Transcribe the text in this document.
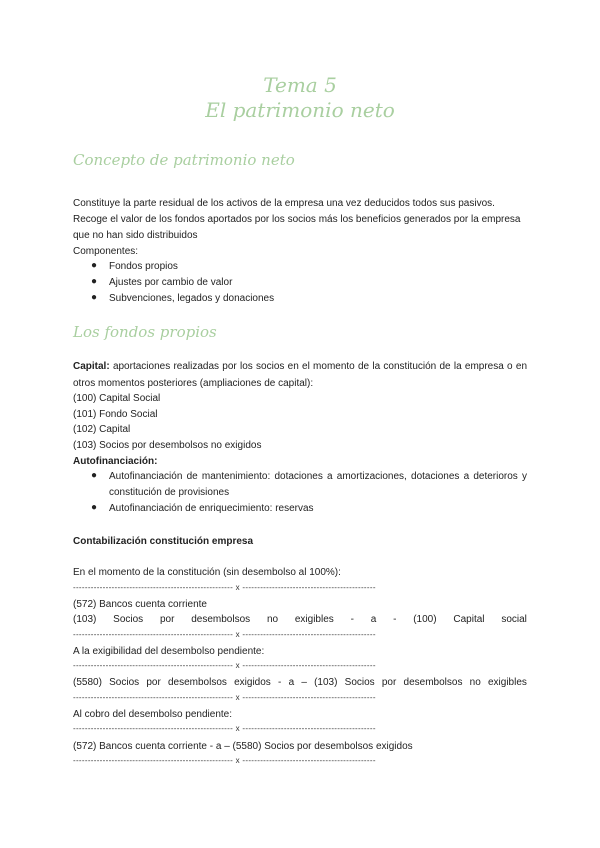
Tema 5
El patrimonio neto
Concepto de patrimonio neto
Constituye la parte residual de los activos de la empresa una vez deducidos todos sus pasivos.
Recoge el valor de los fondos aportados por los socios más los beneficios generados por la empresa
que no han sido distribuidos
Componentes:
● Fondos propios
● Ajustes por cambio de valor
● Subvenciones, legados y donaciones
Los fondos propios
Capital: aportaciones realizadas por los socios en el momento de la constitución de la empresa o en
otros momentos posteriores (ampliaciones de capital):
(100) Capital Social
(101) Fondo Social
(102) Capital
(103) Socios por desembolsos no exigidos
Autofinanciación:
● Autofinanciación de mantenimiento: dotaciones a amortizaciones, dotaciones a deterioros y
constitución de provisiones
● Autofinanciación de enriquecimiento: reservas
Contabilización constitución empresa
En el momento de la constitución (sin desembolso al 100%):
------------------------------------------------------ x ---------------------------------------------
(572) Bancos cuenta corriente
(103) Socios por desembolsos no exigibles - a - (100) Capital social
------------------------------------------------------ x ---------------------------------------------
A la exigibilidad del desembolso pendiente:
------------------------------------------------------ x ---------------------------------------------
(5580) Socios por desembolsos exigidos - a – (103) Socios por desembolsos no exigibles
------------------------------------------------------ x ---------------------------------------------
Al cobro del desembolso pendiente:
------------------------------------------------------ x ---------------------------------------------
(572) Bancos cuenta corriente - a – (5580) Socios por desembolsos exigidos
------------------------------------------------------ x ---------------------------------------------
